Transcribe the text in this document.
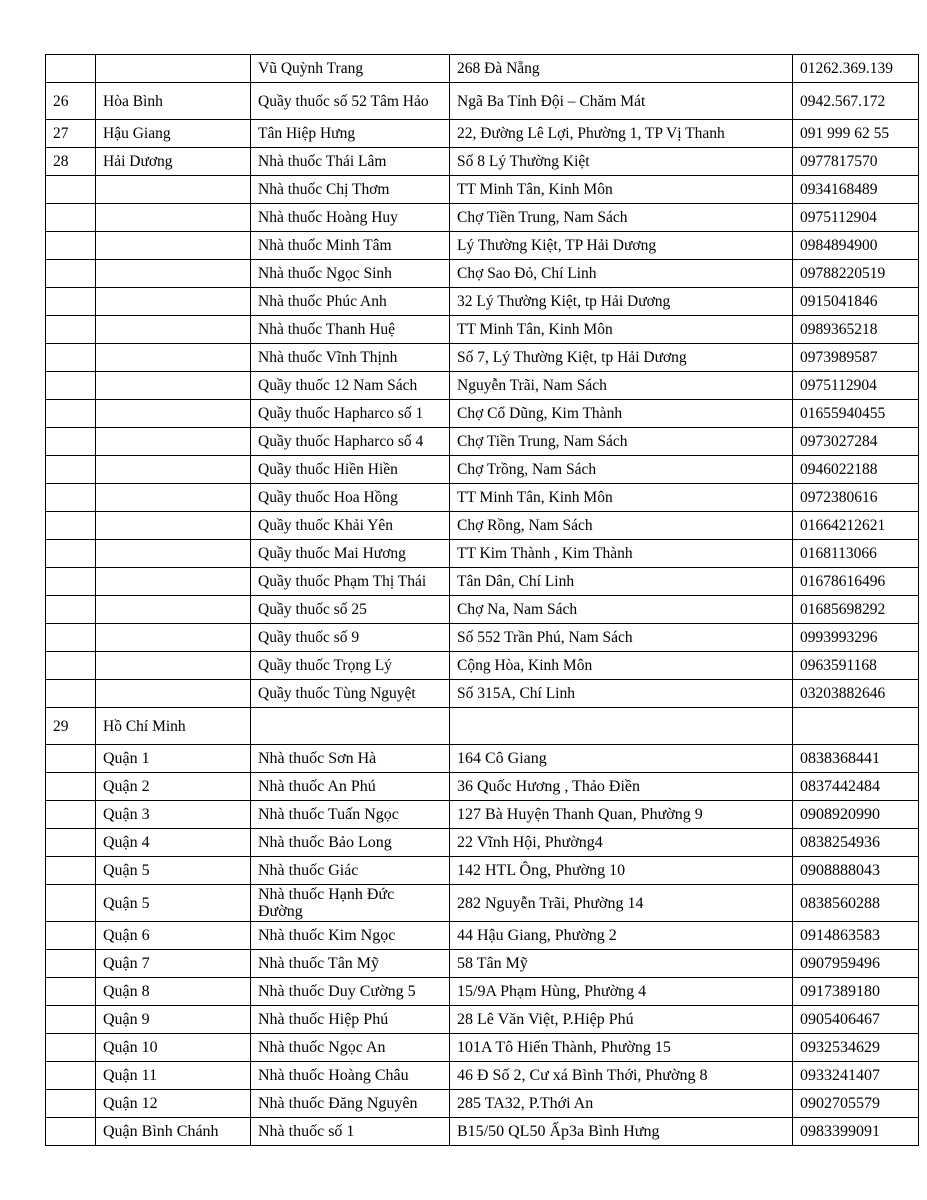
		Vũ Quỳnh Trang	268 Đà Nẵng	01262.369.139
26	Hòa Bình	Quầy thuốc số 52 Tâm Hảo	Ngã Ba Tỉnh Đội – Chăm Mát	0942.567.172
27	Hậu Giang	Tân Hiệp Hưng	22, Đường Lê Lợi, Phường 1, TP Vị Thanh	091 999 62 55
28	Hải Dương	Nhà thuốc Thái Lâm	Số 8 Lý Thường Kiệt	0977817570
		Nhà thuốc Chị Thơm	TT Minh Tân, Kinh Môn	0934168489
		Nhà thuốc Hoàng Huy	Chợ Tiền Trung, Nam Sách	0975112904
		Nhà thuốc Minh Tâm	Lý Thường Kiệt, TP Hải Dương	0984894900
		Nhà thuốc Ngọc Sinh	Chợ Sao Đỏ, Chí Linh	09788220519
		Nhà thuốc Phúc Anh	32 Lý Thường Kiệt, tp Hải Dương	0915041846
		Nhà thuốc Thanh Huệ	TT Minh Tân, Kinh Môn	0989365218
		Nhà thuốc Vĩnh Thịnh	Số 7, Lý Thường Kiệt, tp Hải Dương	0973989587
		Quầy thuốc 12 Nam Sách	Nguyễn Trãi, Nam Sách	0975112904
		Quầy thuốc Hapharco số 1	Chợ Cổ Dũng, Kim Thành	01655940455
		Quầy thuốc Hapharco số 4	Chợ Tiền Trung, Nam Sách	0973027284
		Quầy thuốc Hiền Hiền	Chợ Trồng, Nam Sách	0946022188
		Quầy thuốc Hoa Hồng	TT Minh Tân, Kinh Môn	0972380616
		Quầy thuốc Khải Yên	Chợ Rồng, Nam Sách	01664212621
		Quầy thuốc Mai Hương	TT Kim Thành , Kim Thành	0168113066
		Quầy thuốc Phạm Thị Thái	Tân Dân, Chí Linh	01678616496
		Quầy thuốc số 25	Chợ Na, Nam Sách	01685698292
		Quầy thuốc số 9	Số 552 Trần Phú, Nam Sách	0993993296
		Quầy thuốc Trọng Lý	Cộng Hòa, Kinh Môn	0963591168
		Quầy thuốc Tùng Nguyệt	Số 315A, Chí Linh	03203882646
29	Hồ Chí Minh			
	Quận 1	Nhà thuốc Sơn Hà	164 Cô Giang	0838368441
	Quận 2	Nhà thuốc An Phú	36 Quốc Hương , Thảo Điền	0837442484
	Quận 3	Nhà thuốc Tuấn Ngọc	127 Bà Huyện Thanh Quan, Phường 9	0908920990
	Quận 4	Nhà thuốc Bảo Long	22 Vĩnh Hội, Phường4	0838254936
	Quận 5	Nhà thuốc Giác	142 HTL Ông, Phường 10	0908888043
	Quận 5	Nhà thuốc Hạnh Đức Đường	282 Nguyễn Trãi, Phường 14	0838560288
	Quận 6	Nhà thuốc Kim Ngọc	44 Hậu Giang, Phường 2	0914863583
	Quận 7	Nhà thuốc Tân Mỹ	58 Tân Mỹ	0907959496
	Quận 8	Nhà thuốc Duy Cường 5	15/9A Phạm Hùng, Phường 4	0917389180
	Quận 9	Nhà thuốc Hiệp Phú	28 Lê Văn Việt, P.Hiệp Phú	0905406467
	Quận 10	Nhà thuốc Ngọc An	101A Tô Hiến Thành, Phường 15	0932534629
	Quận 11	Nhà thuốc Hoàng Châu	46 Đ Số 2, Cư xá Bình Thới, Phường 8	0933241407
	Quận 12	Nhà thuốc Đăng Nguyên	285 TA32, P.Thới An	0902705579
	Quận Bình Chánh	Nhà thuốc số 1	B15/50 QL50 Ấp3a Bình Hưng	0983399091
